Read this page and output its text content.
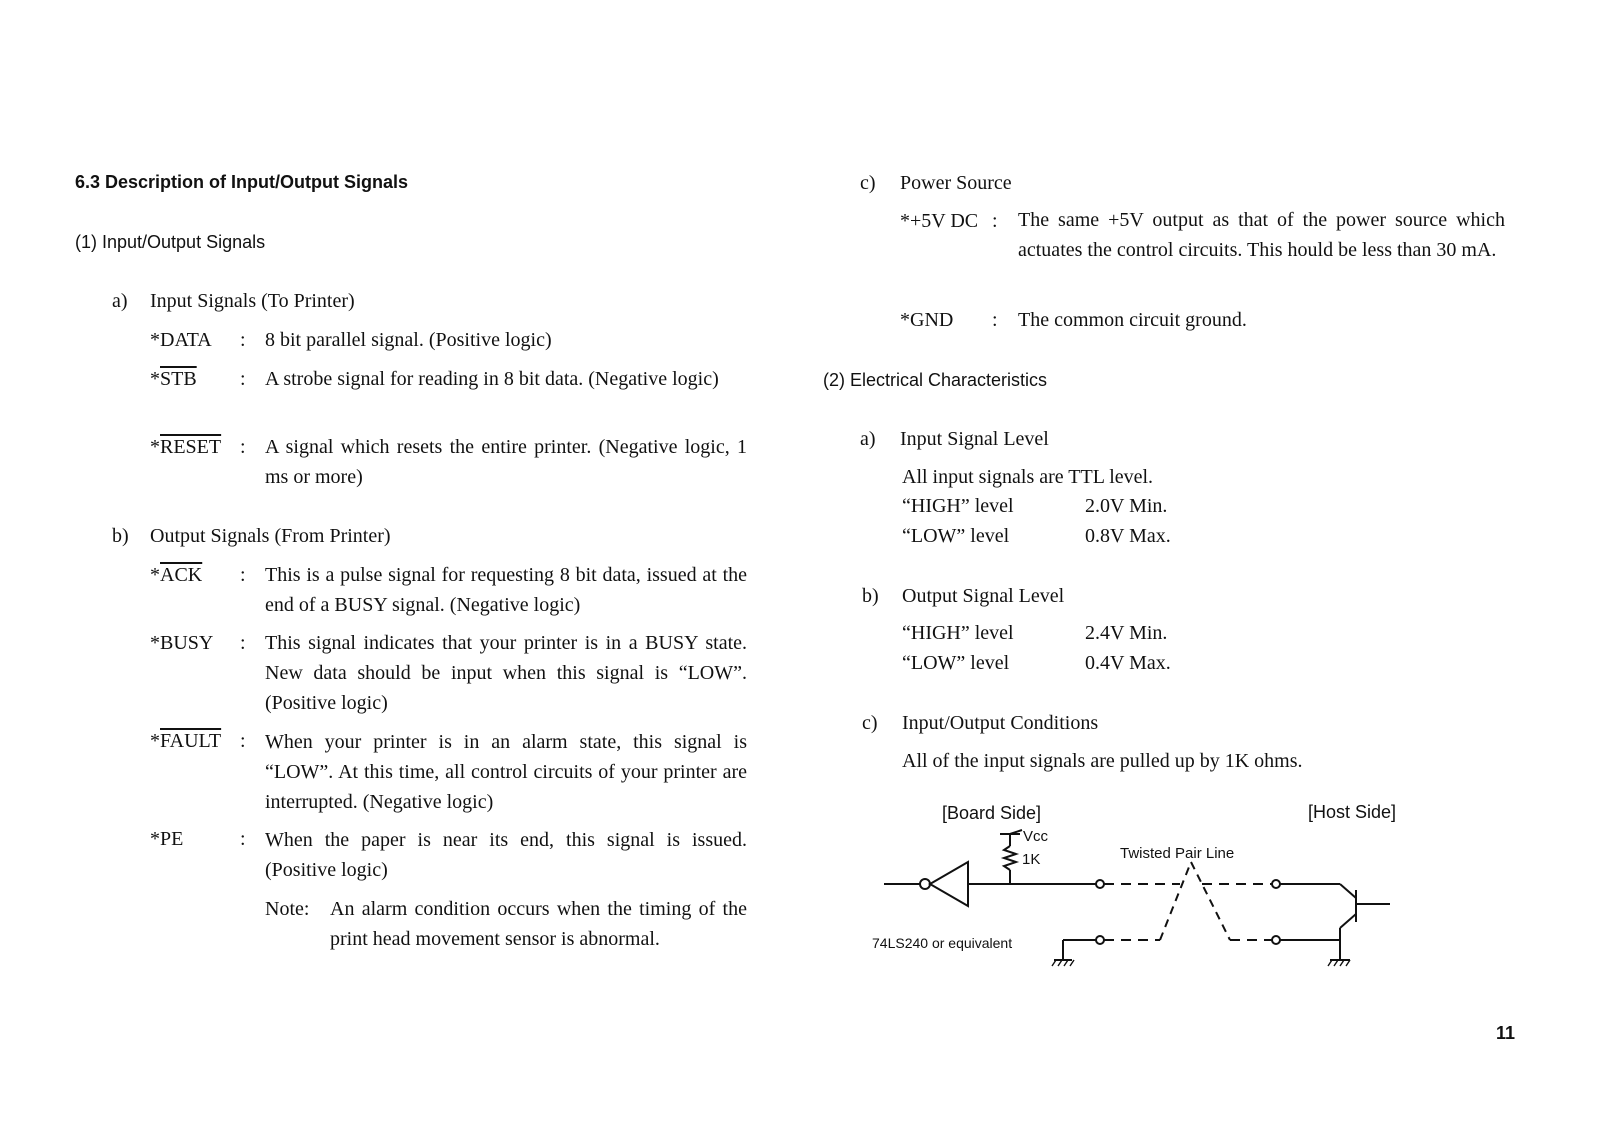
6.3 Description of Input/Output Signals
(1) Input/Output Signals
a) Input Signals (To Printer)
*DATA : 8 bit parallel signal. (Positive logic)
$*\overline{STB}$ : A strobe signal for reading in 8 bit data. (Negative logic)
*RESET : A signal which resets the entire printer. (Negative logic, 1 ms or more)
b) Output Signals (From Printer)
$*\overline{ACK}$ : This is a pulse signal for requesting 8 bit data, issued at the end of a BUSY signal. (Negative logic)
*BUSY : This signal indicates that your printer is in a BUSY state. New data should be input when this signal is “LOW”. (Positive logic)
*FAULT : When your printer is in an alarm state, this signal is “LOW”. At this time, all control circuits of your printer are interrupted. (Negative logic)
*PE	: When the paper is near its end, this signal is issued. (Positive logic)
Note: An alarm condition occurs when the timing of the print head movement sensor is abnormal.
c) Power Source
*+5V DC : The same +5V output as that of the power source which actuates the control circuits. This hould be less than 30 mA.
*GND : The common circuit ground.
(2) Electrical Characteristics
a) Input Signal Level
All input signals are TTL level.
“HIGH” level	2.0V Min.
“LOW” level	0.8V Max.
b) Output Signal Level
“HIGH” level	2.4V Min.
“LOW” level	0.4V Max.
c) Input/Output Conditions
All of the input signals are pulled up by 1K ohms.
[Board Side]	[Host Side]
Vcc
1K	Twisted Pair Line
74LS240 or equivalent
11
